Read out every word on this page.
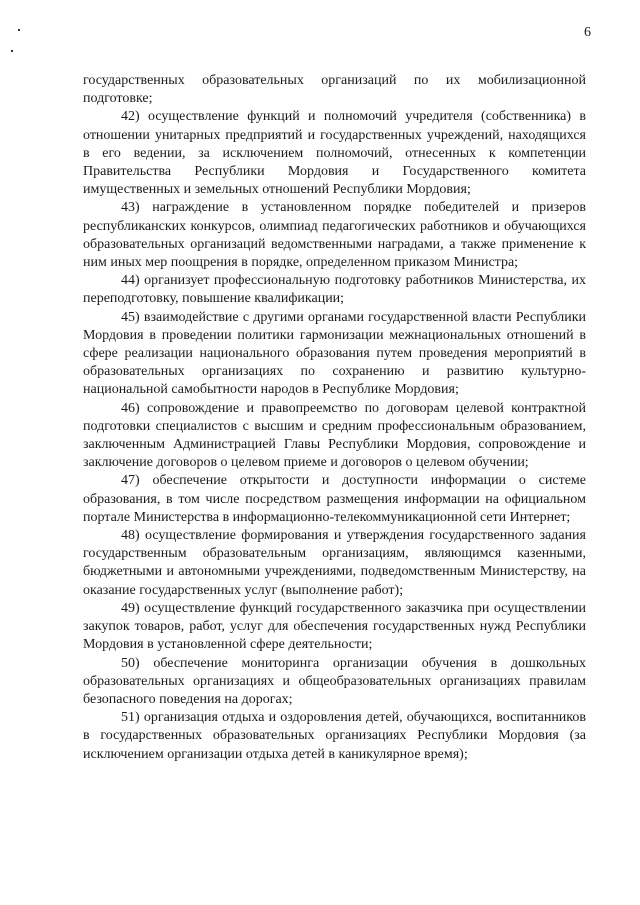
6

государственных образовательных организаций по их мобилизационной подготовке;

42) осуществление функций и полномочий учредителя (собственника) в отношении унитарных предприятий и государственных учреждений, находящихся в его ведении, за исключением полномочий, отнесенных к компетенции Правительства Республики Мордовия и Государственного комитета имущественных и земельных отношений Республики Мордовия;

43) награждение в установленном порядке победителей и призеров республиканских конкурсов, олимпиад педагогических работников и обучающихся образовательных организаций ведомственными наградами, а также применение к ним иных мер поощрения в порядке, определенном приказом Министра;

44) организует профессиональную подготовку работников Министерства, их переподготовку, повышение квалификации;

45) взаимодействие с другими органами государственной власти Республики Мордовия в проведении политики гармонизации межнациональных отношений в сфере реализации национального образования путем проведения мероприятий в образовательных организациях по сохранению и развитию культурно-национальной самобытности народов в Республике Мордовия;

46) сопровождение и правопреемство по договорам целевой контрактной подготовки специалистов с высшим и средним профессиональным образованием, заключенным Администрацией Главы Республики Мордовия, сопровождение и заключение договоров о целевом приеме и договоров о целевом обучении;

47) обеспечение открытости и доступности информации о системе образования, в том числе посредством размещения информации на официальном портале Министерства в информационно-телекоммуникационной сети Интернет;

48) осуществление формирования и утверждения государственного задания государственным образовательным организациям, являющимся казенными, бюджетными и автономными учреждениями, подведомственным Министерству, на оказание государственных услуг (выполнение работ);

49) осуществление функций государственного заказчика при осуществлении закупок товаров, работ, услуг для обеспечения государственных нужд Республики Мордовия в установленной сфере деятельности;

50) обеспечение мониторинга организации обучения в дошкольных образовательных организациях и общеобразовательных организациях правилам безопасного поведения на дорогах;

51) организация отдыха и оздоровления детей, обучающихся, воспитанников в государственных образовательных организациях Республики Мордовия (за исключением организации отдыха детей в каникулярное время);
